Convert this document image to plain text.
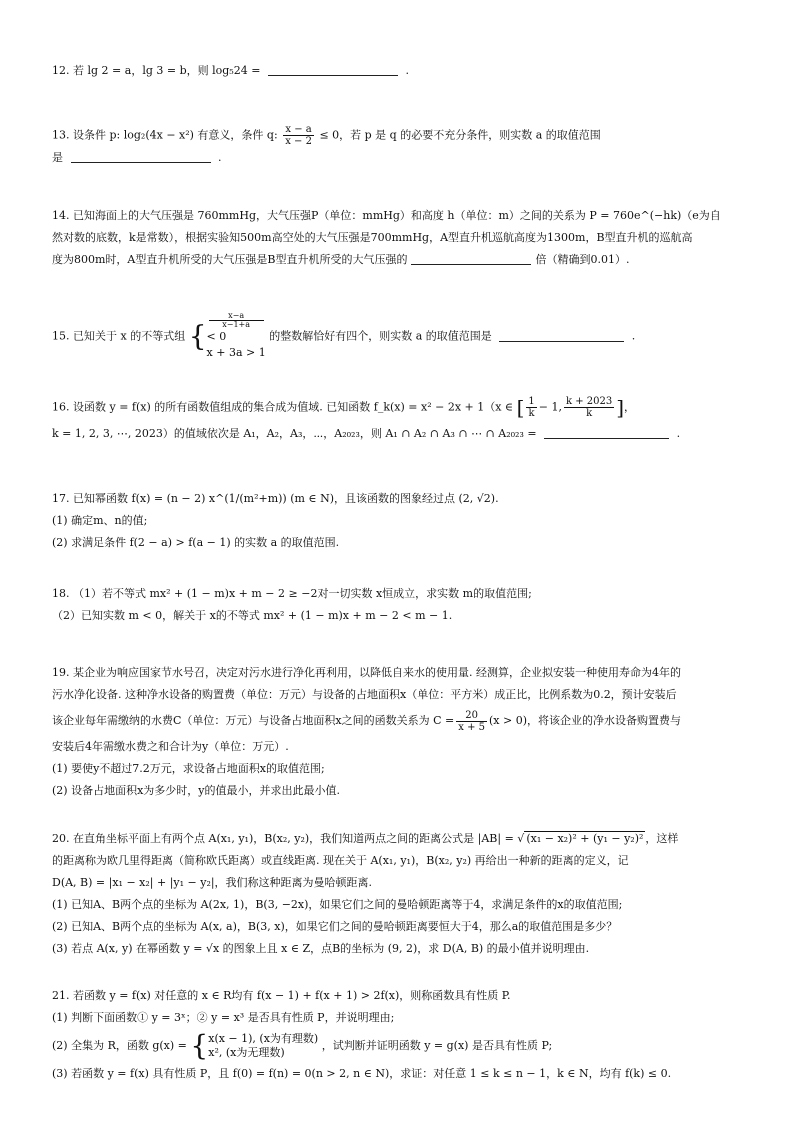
12. 若 lg 2 = a，lg 3 = b，则 log₅24 =	.
13. 设条件 p: log₂(4x − x²) 有意义，条件 q: $\frac{x - a}{x - 2} \le 0$，若 p 是 q 的必要不充分条件，则实数 a 的取值范围
是	.
14. 已知海面上的大气压强是 760mmHg，大气压强P（单位：mmHg）和高度 h（单位：m）之间的关系为 P = 760e^(−hk)（e为自
然对数的底数，k是常数），根据实验知500m高空处的大气压强是700mmHg，A型直升机巡航高度为1300m，B型直升机的巡航高
度为800m时，A型直升机所受的大气压强是B型直升机所受的大气压强的	倍（精确到0.01）.
15. 已知关于 x 的不等式组 {
x−a
x−1+a
< 0
x + 3a > 1
的整数解恰好有四个，则实数 a 的取值范围是	.
16. 设函数 y = f(x) 的所有函数值组成的集合成为值域. 已知函数 f_k(x) = x² − 2x + 1（x ∈ [ $\frac{1}{k} - 1$, $\frac{k + 2023}{k}$ ]，
k = 1, 2, 3, ⋯, 2023）的值域依次是 A₁，A₂，A₃，⋯，A₂₀₂₃，则 A₁ ∩ A₂ ∩ A₃ ∩ ⋯ ∩ A₂₀₂₃ =	.
17. 已知幂函数 f(x) = (n − 2) x^(1/(m²+m)) (m ∈ N)，且该函数的图象经过点 (2, √2).
(1) 确定m、n的值;
(2) 求满足条件 f(2 − a) > f(a − 1) 的实数 a 的取值范围.
18. （1）若不等式 mx² + (1 − m)x + m − 2 ≥ −2对一切实数 x恒成立，求实数 m的取值范围;
（2）已知实数 m < 0，解关于 x的不等式 mx² + (1 − m)x + m − 2 < m − 1.
19. 某企业为响应国家节水号召，决定对污水进行净化再利用，以降低自来水的使用量. 经测算，企业拟安装一种使用寿命为4年的
污水净化设备. 这种净水设备的购置费（单位：万元）与设备的占地面积x（单位：平方米）成正比，比例系数为0.2，预计安装后
该企业每年需缴纳的水费C（单位：万元）与设备占地面积x之间的函数关系为 $C = \frac{20}{x + 5} (x > 0)$，将该企业的净水设备购置费与
安装后4年需缴水费之和合计为y（单位：万元）.
(1) 要使y不超过7.2万元，求设备占地面积x的取值范围;
(2) 设备占地面积x为多少时，y的值最小，并求出此最小值.
20. 在直角坐标平面上有两个点 A(x₁, y₁)，B(x₂, y₂)，我们知道两点之间的距离公式是 |AB| = √ (x₁ − x₂)² + (y₁ − y₂)² ，这样
的距离称为欧几里得距离（简称欧氏距离）或直线距离. 现在关于 A(x₁, y₁)，B(x₂, y₂) 再给出一种新的距离的定义，记
D(A, B) = |x₁ − x₂| + |y₁ − y₂|，我们称这种距离为曼哈顿距离.
(1) 已知A、B两个点的坐标为 A(2x, 1)，B(3, −2x)，如果它们之间的曼哈顿距离等于4，求满足条件的x的取值范围;
(2) 已知A、B两个点的坐标为 A(x, a)，B(3, x)，如果它们之间的曼哈顿距离要恒大于4，那么a的取值范围是多少？
(3) 若点 A(x, y) 在幂函数 y = √x 的图象上且 x ∈ Z，点B的坐标为 (9, 2)，求 D(A, B) 的最小值并说明理由.
21. 若函数 y = f(x) 对任意的 x ∈ R均有 f(x − 1) + f(x + 1) > 2f(x)，则称函数具有性质 P.
(1) 判断下面函数① y = 3ˣ；② y = x³ 是否具有性质 P，并说明理由;
(2) 全集为 R，函数 g(x) = { x(x − 1), (x为有理数)
x², (x为无理数)
，试判断并证明函数 y = g(x) 是否具有性质 P;
(3) 若函数 y = f(x) 具有性质 P，且 f(0) = f(n) = 0(n > 2, n ∈ N)，求证：对任意 1 ≤ k ≤ n − 1，k ∈ N，均有 f(k) ≤ 0.
